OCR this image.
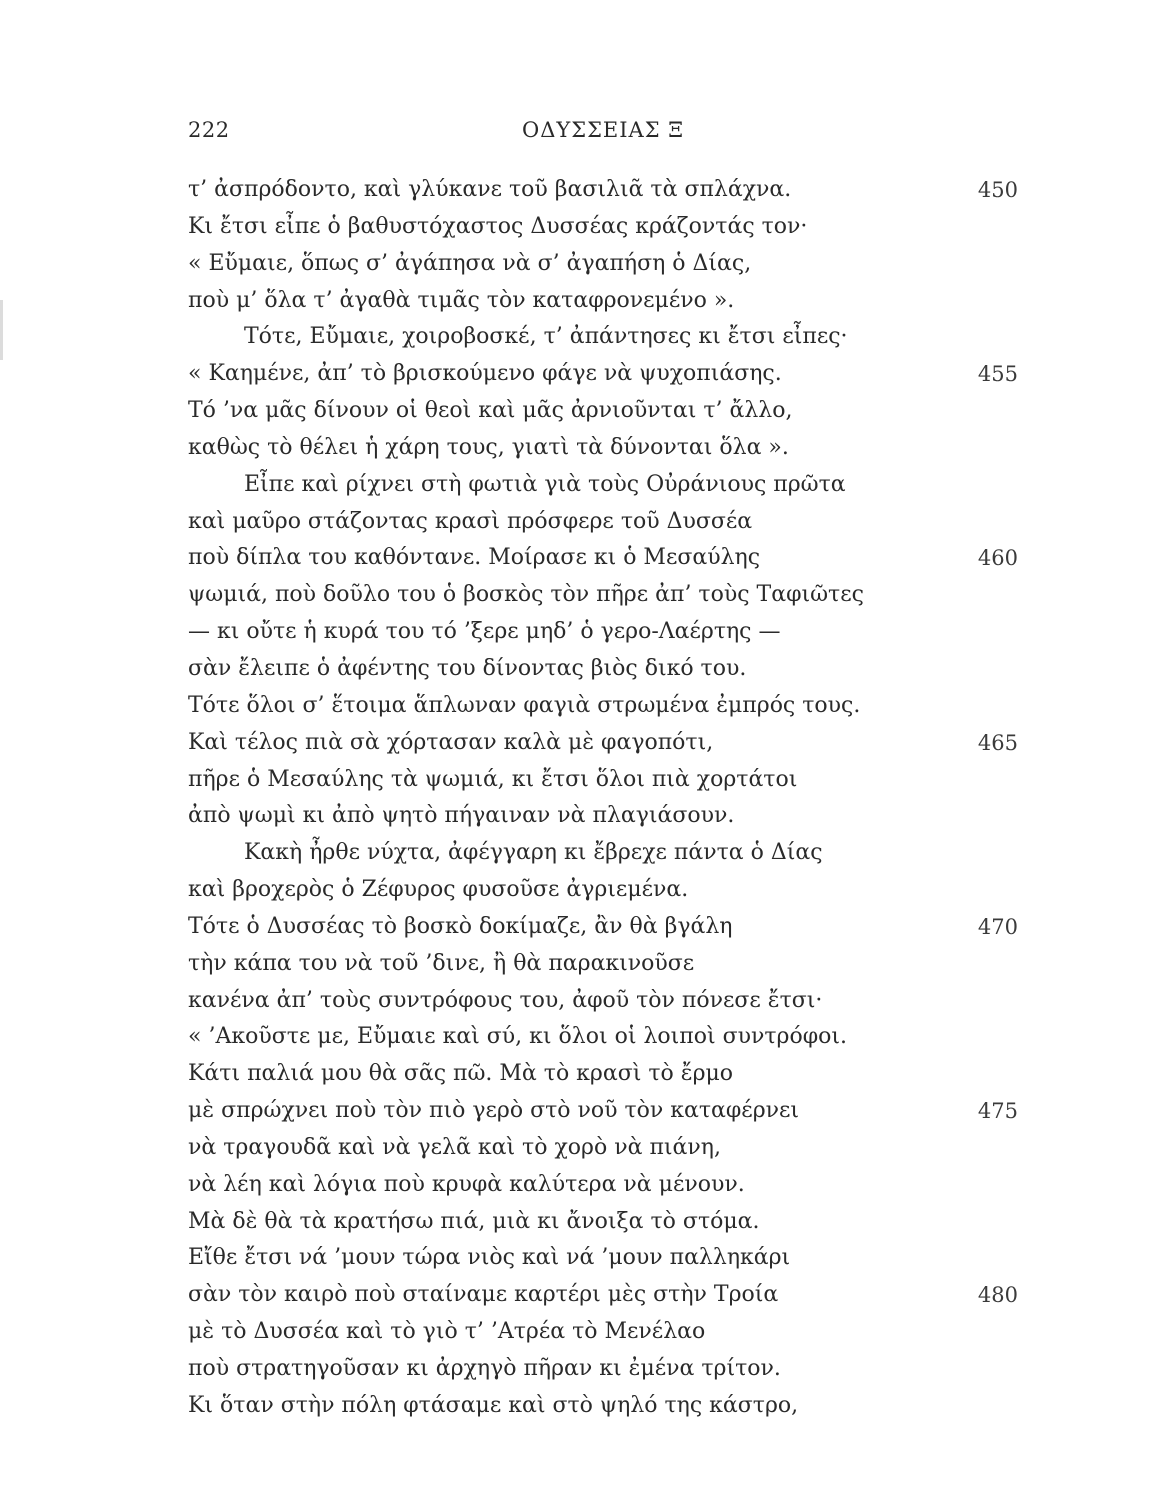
222	ΟΔΥΣΣΕΙΑΣ Ξ
τ’ ἀσπρόδοντο, καὶ γλύκανε τοῦ βασιλιᾶ τὰ σπλάχνα.	450
Κι ἔτσι εἶπε ὁ βαθυστόχαστος Δυσσέας κράζοντάς τον·
« Εὔμαιε, ὅπως σ’ ἀγάπησα νὰ σ’ ἀγαπήση ὁ Δίας,
ποὺ μ’ ὅλα τ’ ἀγαθὰ τιμᾶς τὸν καταφρονεμένο ».
Τότε, Εὔμαιε, χοιροβοσκέ, τ’ ἀπάντησες κι ἔτσι εἶπες·
« Καημένε, ἀπ’ τὸ βρισκούμενο φάγε νὰ ψυχοπιάσης.	455
Τό ’να μᾶς δίνουν οἱ θεοὶ καὶ μᾶς ἀρνιοῦνται τ’ ἄλλο,
καθὼς τὸ θέλει ἡ χάρη τους, γιατὶ τὰ δύνονται ὅλα ».
Εἶπε καὶ ρίχνει στὴ φωτιὰ γιὰ τοὺς Οὐράνιους πρῶτα
καὶ μαῦρο στάζοντας κρασὶ πρόσφερε τοῦ Δυσσέα
ποὺ δίπλα του καθόντανε. Μοίρασε κι ὁ Μεσαύλης	460
ψωμιά, ποὺ δοῦλο του ὁ βοσκὸς τὸν πῆρε ἀπ’ τοὺς Ταφιῶτες
— κι οὔτε ἡ κυρά του τό ’ξερε μηδ’ ὁ γερο-Λαέρτης —
σὰν ἔλειπε ὁ ἀφέντης του δίνοντας βιὸς δικό του.
Τότε ὅλοι σ’ ἕτοιμα ἅπλωναν φαγιὰ στρωμένα ἐμπρός τους.
Καὶ τέλος πιὰ σὰ χόρτασαν καλὰ μὲ φαγοπότι,	465
πῆρε ὁ Μεσαύλης τὰ ψωμιά, κι ἔτσι ὅλοι πιὰ χορτάτοι
ἀπὸ ψωμὶ κι ἀπὸ ψητὸ πήγαιναν νὰ πλαγιάσουν.
Κακὴ ἦρθε νύχτα, ἀφέγγαρη κι ἔβρεχε πάντα ὁ Δίας
καὶ βροχερὸς ὁ Ζέφυρος φυσοῦσε ἀγριεμένα.
Τότε ὁ Δυσσέας τὸ βοσκὸ δοκίμαζε, ἂν θὰ βγάλη	470
τὴν κάπα του νὰ τοῦ ’δινε, ἢ θὰ παρακινοῦσε
κανένα ἀπ’ τοὺς συντρόφους του, ἀφοῦ τὸν πόνεσε ἔτσι·
« ’Ακοῦστε με, Εὔμαιε καὶ σύ, κι ὅλοι οἱ λοιποὶ συντρόφοι.
Κάτι παλιά μου θὰ σᾶς πῶ. Μὰ τὸ κρασὶ τὸ ἔρμο
μὲ σπρώχνει ποὺ τὸν πιὸ γερὸ στὸ νοῦ τὸν καταφέρνει	475
νὰ τραγουδᾶ καὶ νὰ γελᾶ καὶ τὸ χορὸ νὰ πιάνη,
νὰ λέη καὶ λόγια ποὺ κρυφὰ καλύτερα νὰ μένουν.
Μὰ δὲ θὰ τὰ κρατήσω πιά, μιὰ κι ἄνοιξα τὸ στόμα.
Εἴθε ἔτσι νά ’μουν τώρα νιὸς καὶ νά ’μουν παλληκάρι
σὰν τὸν καιρὸ ποὺ σταίναμε καρτέρι μὲς στὴν Τροία	480
μὲ τὸ Δυσσέα καὶ τὸ γιὸ τ’ ’Ατρέα τὸ Μενέλαο
ποὺ στρατηγοῦσαν κι ἀρχηγὸ πῆραν κι ἐμένα τρίτον.
Κι ὅταν στὴν πόλη φτάσαμε καὶ στὸ ψηλό της κάστρο,
